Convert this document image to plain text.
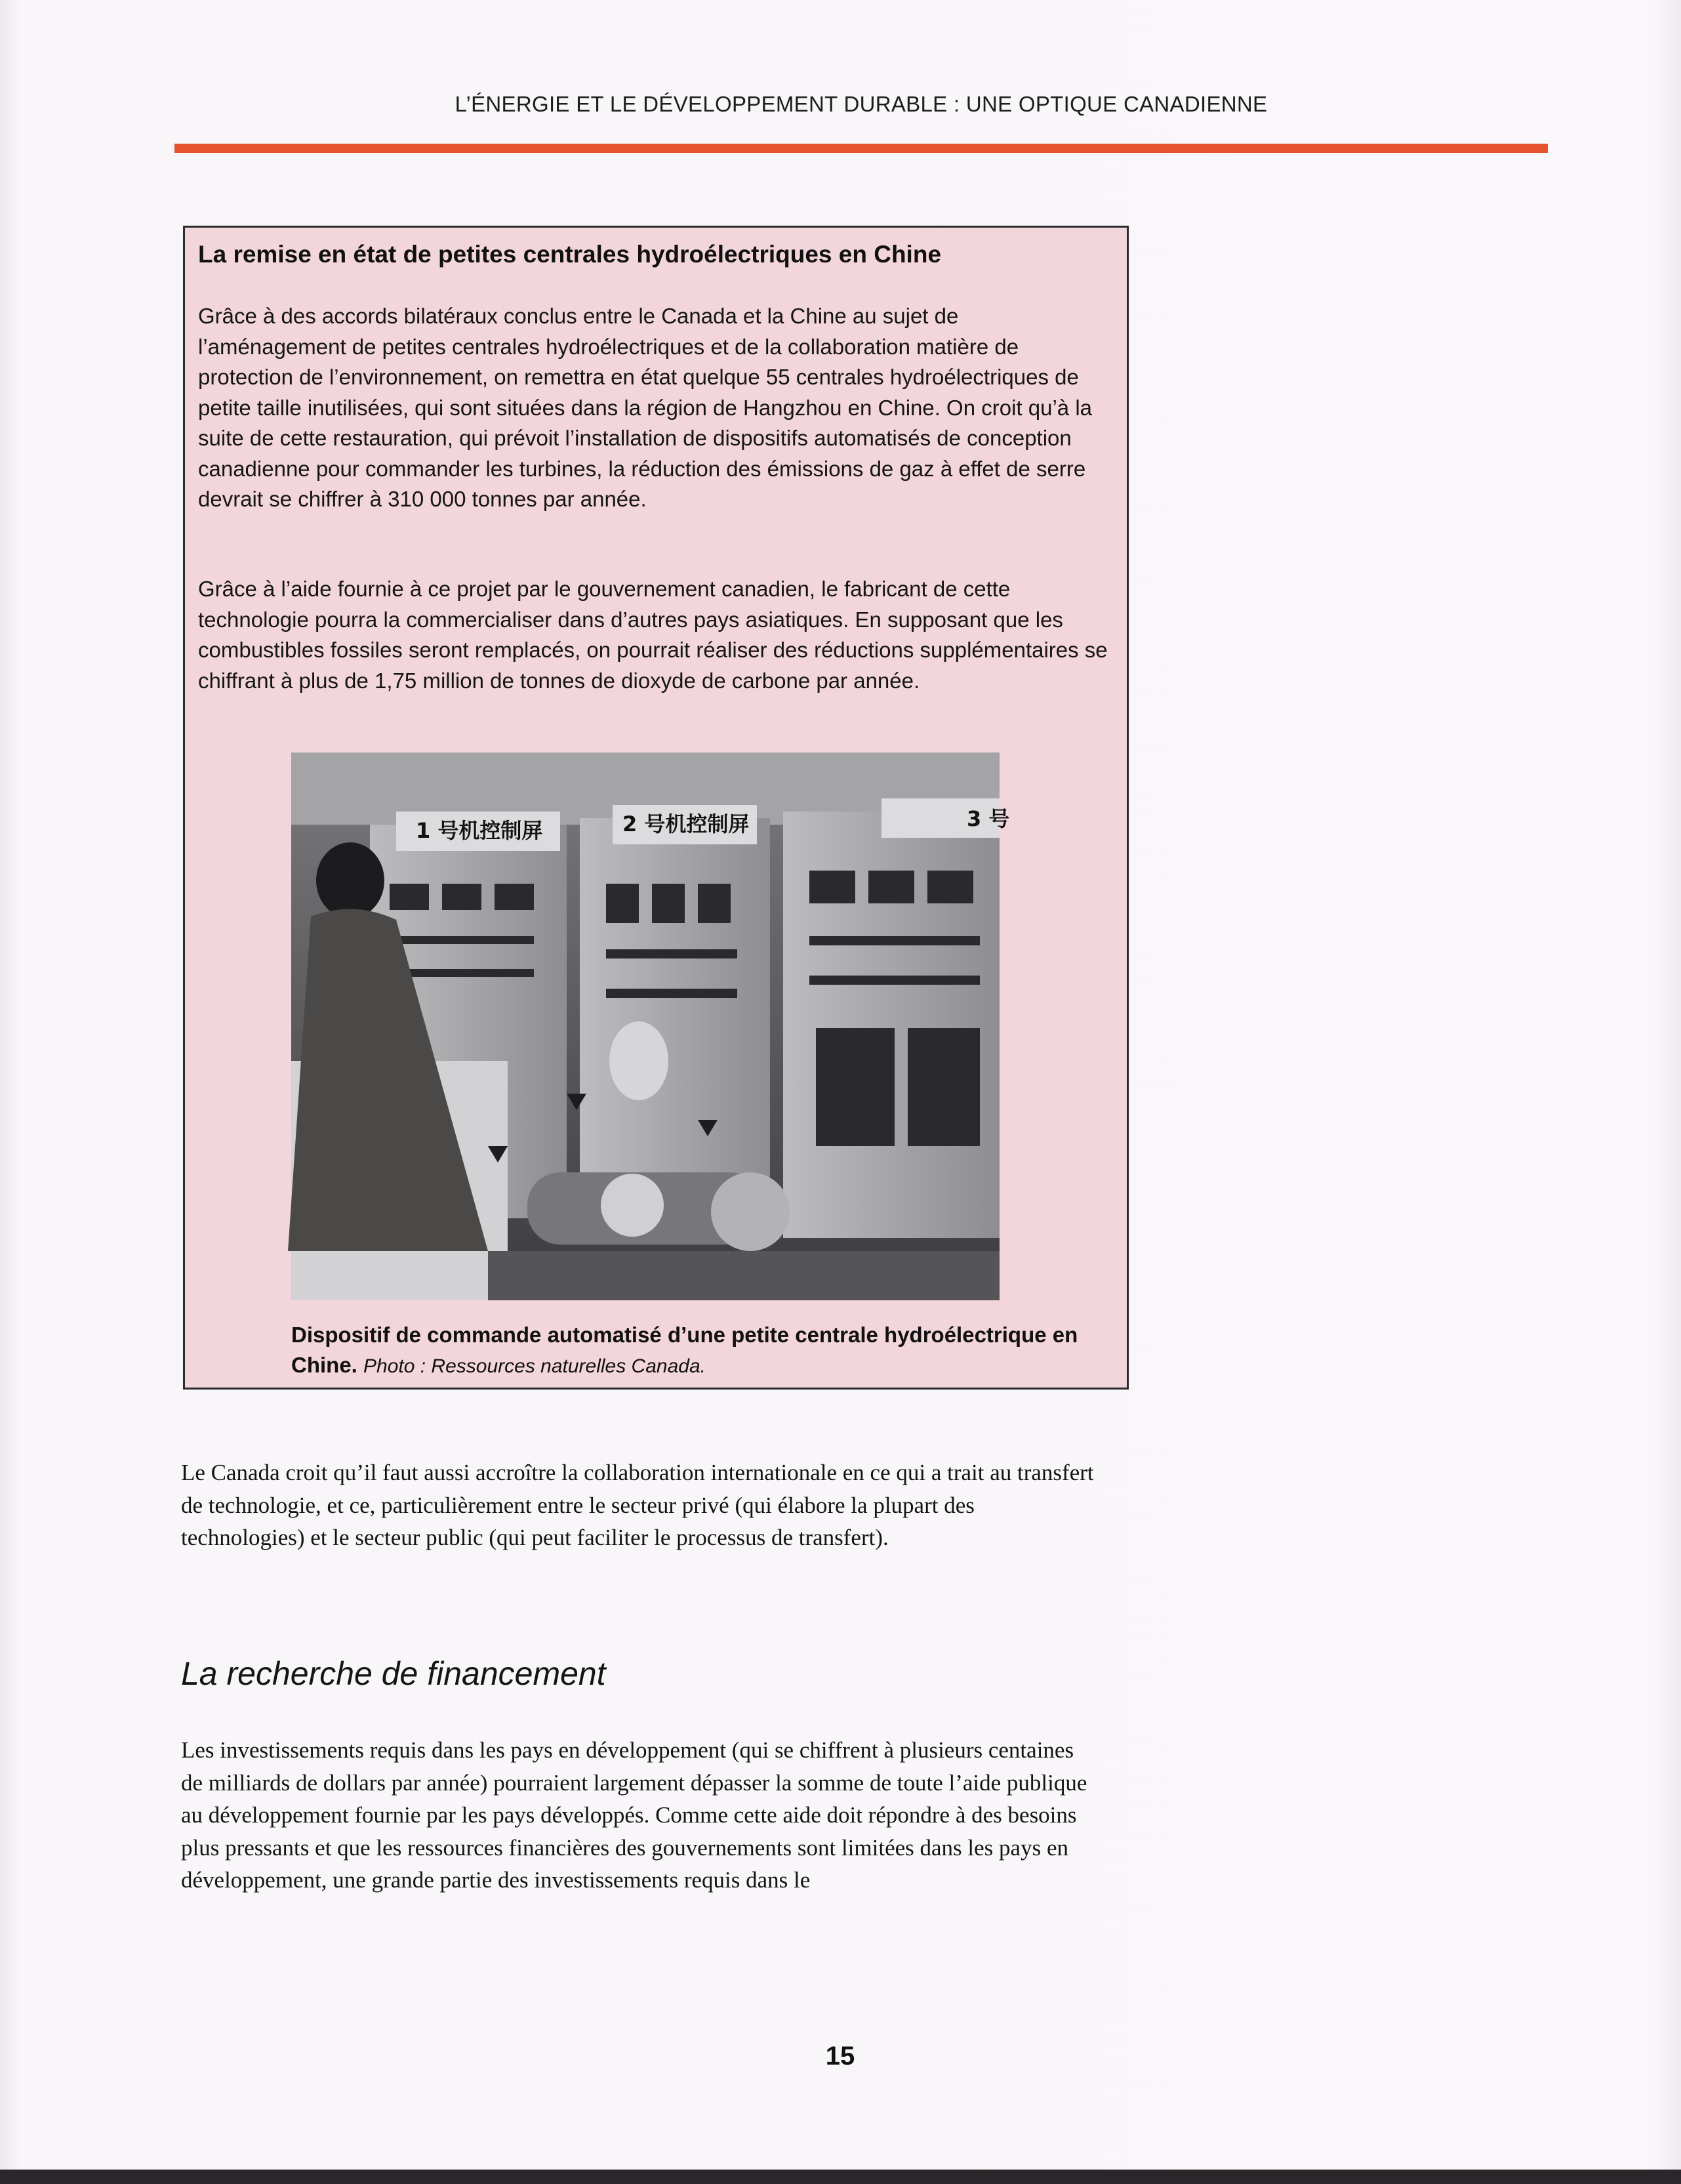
L’ÉNERGIE ET LE DÉVELOPPEMENT DURABLE : UNE OPTIQUE CANADIENNE
La remise en état de petites centrales hydroélectriques en Chine
Grâce à des accords bilatéraux conclus entre le Canada et la Chine au sujet de l’aménagement de petites centrales hydroélectriques et de la collaboration matière de protection de l’environnement, on remettra en état quelque 55 centrales hydroélectriques de petite taille inutilisées, qui sont situées dans la région de Hangzhou en Chine. On croit qu’à la suite de cette restauration, qui prévoit l’installation de dispositifs automatisés de conception canadienne pour commander les turbines, la réduction des émissions de gaz à effet de serre devrait se chiffrer à 310 000 tonnes par année.
Grâce à l’aide fournie à ce projet par le gouvernement canadien, le fabricant de cette technologie pourra la commercialiser dans d’autres pays asiatiques. En supposant que les combustibles fossiles seront remplacés, on pourrait réaliser des réductions supplémentaires se chiffrant à plus de 1,75 million de tonnes de dioxyde de carbone par année.
1 号机控制屏	2 号机控制屏	3 号
Dispositif de commande automatisé d’une petite centrale hydroélectrique en Chine. Photo : Ressources naturelles Canada.
Le Canada croit qu’il faut aussi accroître la collaboration internationale en ce qui a trait au transfert de technologie, et ce, particulièrement entre le secteur privé (qui élabore la plupart des technologies) et le secteur public (qui peut faciliter le processus de transfert).
La recherche de financement
Les investissements requis dans les pays en développement (qui se chiffrent à plusieurs centaines de milliards de dollars par année) pourraient largement dépasser la somme de toute l’aide publique au développement fournie par les pays développés. Comme cette aide doit répondre à des besoins plus pressants et que les ressources financières des gouvernements sont limitées dans les pays en développement, une grande partie des investissements requis dans le
15
